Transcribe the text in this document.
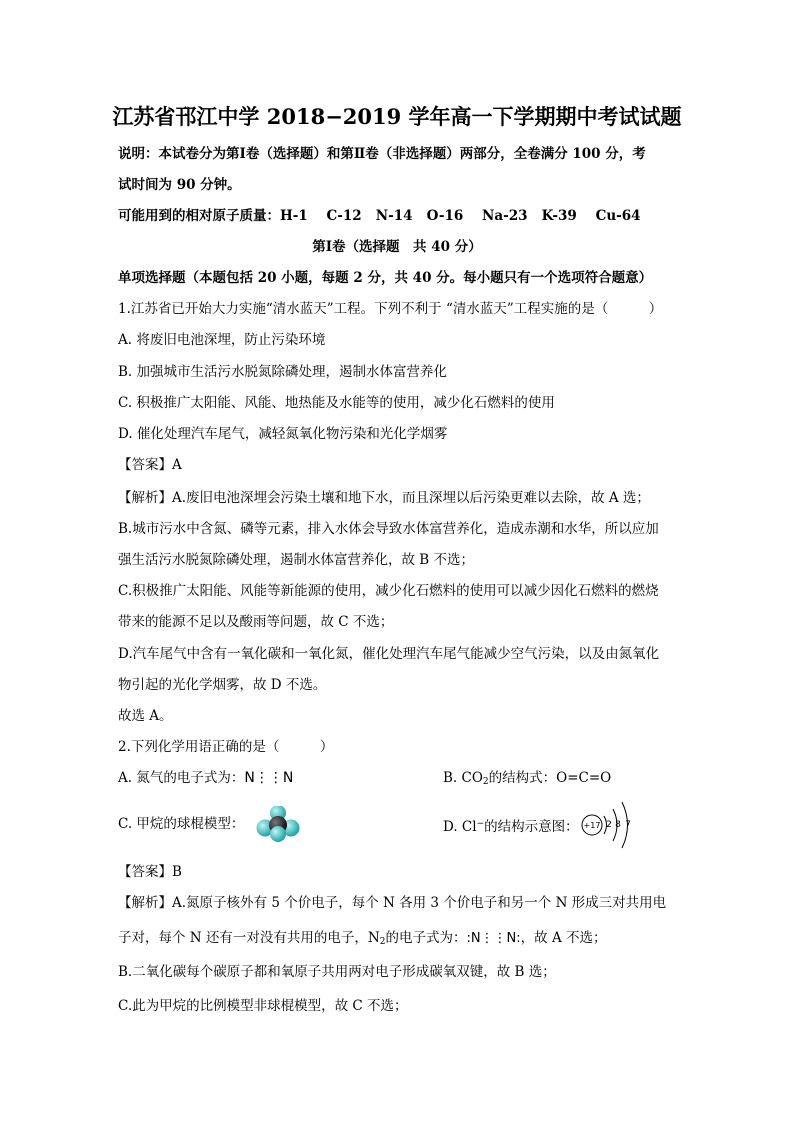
江苏省邗江中学 2018−2019 学年高一下学期期中考试试题
说明：本试卷分为第Ⅰ卷（选择题）和第Ⅱ卷（非选择题）两部分，全卷满分 100 分，考
试时间为 90 分钟。
可能用到的相对原子质量：H-1    C-12   N-14   O-16    Na-23   K-39    Cu-64
第Ⅰ卷（选择题　共 40 分）
单项选择题（本题包括 20 小题，每题 2 分，共 40 分。每小题只有一个选项符合题意）
1.江苏省已开始大力实施“清水蓝天”工程。下列不利于 “清水蓝天”工程实施的是（　　　）
A. 将废旧电池深埋，防止污染环境
B. 加强城市生活污水脱氮除磷处理，遏制水体富营养化
C. 积极推广太阳能、风能、地热能及水能等的使用，减少化石燃料的使用
D. 催化处理汽车尾气，减轻氮氧化物污染和光化学烟雾
【答案】A
【解析】A.废旧电池深埋会污染土壤和地下水，而且深埋以后污染更难以去除，故 A 选；
B.城市污水中含氮、磷等元素，排入水体会导致水体富营养化，造成赤潮和水华，所以应加
强生活污水脱氮除磷处理，遏制水体富营养化，故 B 不选；
C.积极推广太阳能、风能等新能源的使用，减少化石燃料的使用可以减少因化石燃料的燃烧
带来的能源不足以及酸雨等问题，故 C 不选；
D.汽车尾气中含有一氧化碳和一氧化氮，催化处理汽车尾气能减少空气污染，以及由氮氧化
物引起的光化学烟雾，故 D 不选。
故选 A。
2.下列化学用语正确的是（　　　）
A. 氮气的电子式为：N⋮⋮N	B. $CO_2$的结构式：O=C=O
C. 甲烷的球棍模型：	D. Cl−的结构示意图： +17 2 8 7
【答案】B
【解析】A.氮原子核外有 5 个价电子，每个 N 各用 3 个价电子和另一个 N 形成三对共用电
子对，每个 N 还有一对没有共用的电子，$N_2$的电子式为：:N⋮⋮N:，故 A 不选；
B.二氧化碳每个碳原子都和氧原子共用两对电子形成碳氧双键，故 B 选；
C.此为甲烷的比例模型非球棍模型，故 C 不选；
